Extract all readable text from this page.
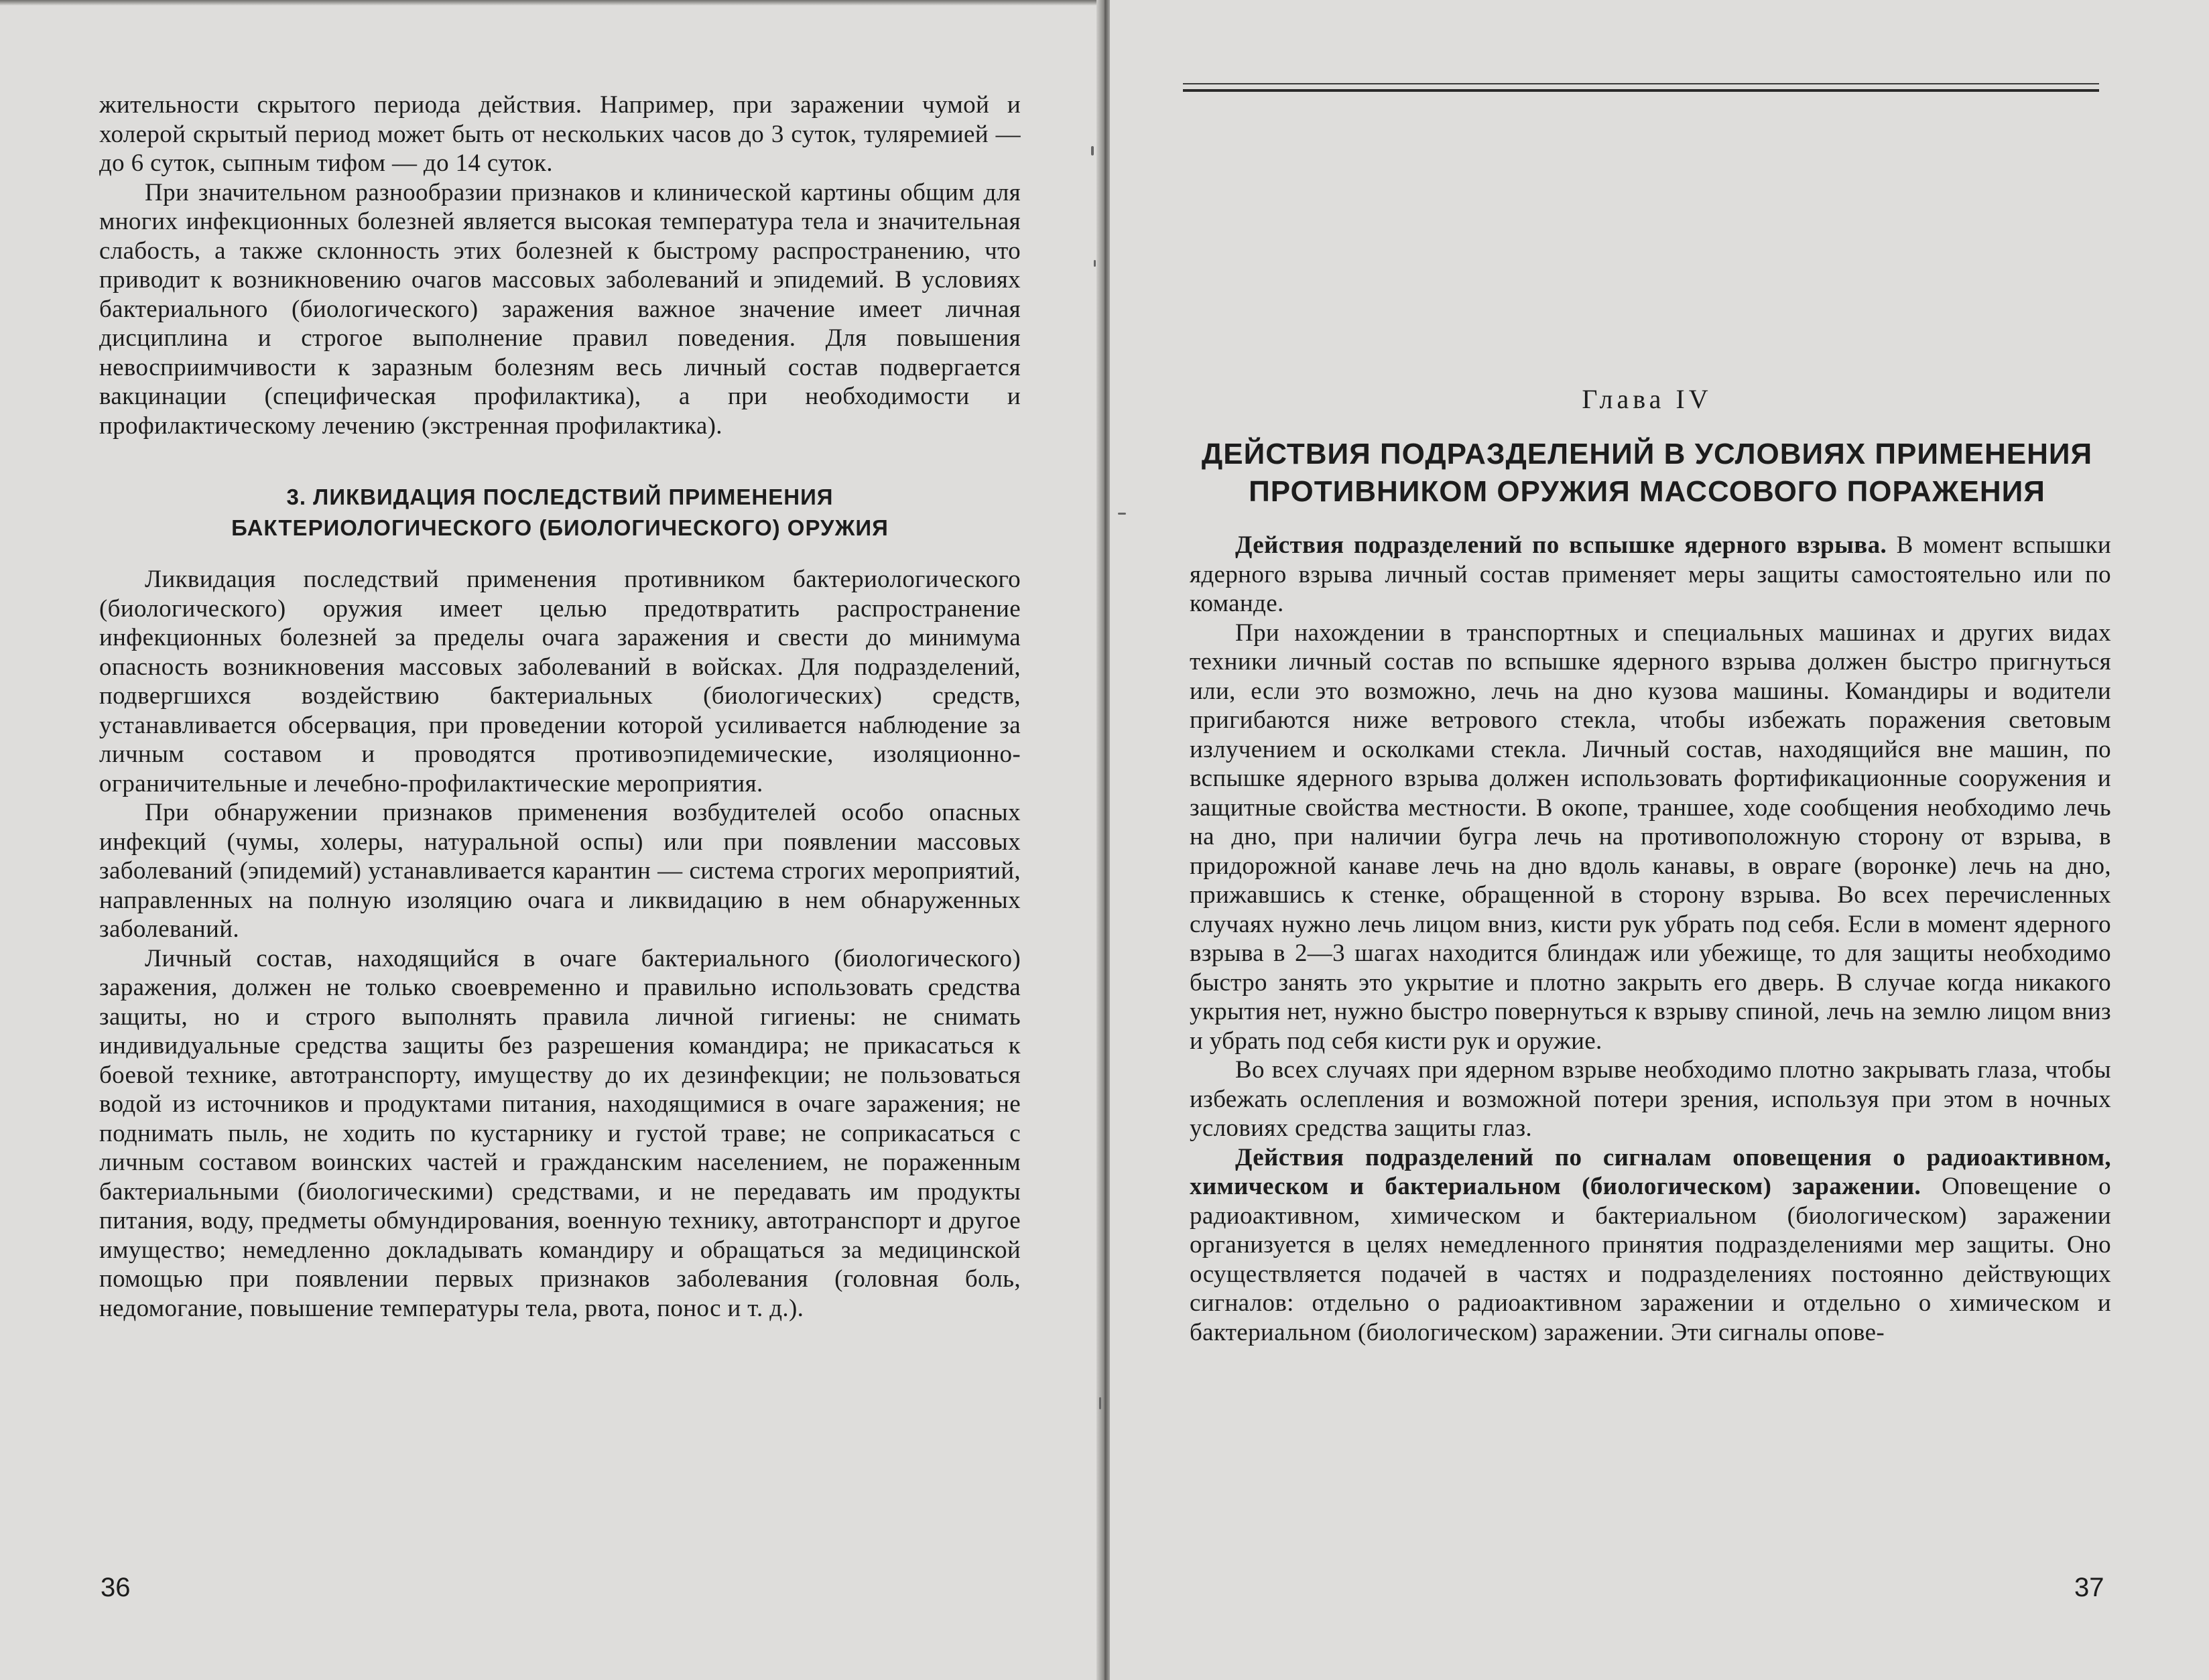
жительности скрытого периода действия. Например, при заражении чумой и холерой скрытый период может быть от нескольких часов до 3 суток, туляремией — до 6 суток, сыпным тифом — до 14 суток.

При значительном разнообразии признаков и клинической картины общим для многих инфекционных болезней является высокая температура тела и значительная слабость, а также склонность этих болезней к быстрому распространению, что приводит к возникновению очагов массовых заболеваний и эпидемий. В условиях бактериального (биологического) заражения важное значение имеет личная дисциплина и строгое выполнение правил поведения. Для повышения невосприимчивости к заразным болезням весь личный состав подвергается вакцинации (специфическая профилактика), а при необходимости и профилактическому лечению (экстренная профилактика).

3. ЛИКВИДАЦИЯ ПОСЛЕДСТВИЙ ПРИМЕНЕНИЯ
БАКТЕРИОЛОГИЧЕСКОГО (БИОЛОГИЧЕСКОГО) ОРУЖИЯ

Ликвидация последствий применения противником бактериологического (биологического) оружия имеет целью предотвратить распространение инфекционных болезней за пределы очага заражения и свести до минимума опасность возникновения массовых заболеваний в войсках. Для подразделений, подвергшихся воздействию бактериальных (биологических) средств, устанавливается обсервация, при проведении которой усиливается наблюдение за личным составом и проводятся противоэпидемические, изоляционно-ограничительные и лечебно-профилактические мероприятия.

При обнаружении признаков применения возбудителей особо опасных инфекций (чумы, холеры, натуральной оспы) или при появлении массовых заболеваний (эпидемий) устанавливается карантин — система строгих мероприятий, направленных на полную изоляцию очага и ликвидацию в нем обнаруженных заболеваний.

Личный состав, находящийся в очаге бактериального (биологического) заражения, должен не только своевременно и правильно использовать средства защиты, но и строго выполнять правила личной гигиены: не снимать индивидуальные средства защиты без разрешения командира; не прикасаться к боевой технике, автотранспорту, имуществу до их дезинфекции; не пользоваться водой из источников и продуктами питания, находящимися в очаге заражения; не поднимать пыль, не ходить по кустарнику и густой траве; не соприкасаться с личным составом воинских частей и гражданским населением, не пораженным бактериальными (биологическими) средствами, и не передавать им продукты питания, воду, предметы обмундирования, военную технику, автотранспорт и другое имущество; немедленно докладывать командиру и обращаться за медицинской помощью при появлении первых признаков заболевания (головная боль, недомогание, повышение температуры тела, рвота, понос и т. д.).

36
Глава IV
ДЕЙСТВИЯ ПОДРАЗДЕЛЕНИЙ В УСЛОВИЯХ ПРИМЕНЕНИЯ
ПРОТИВНИКОМ ОРУЖИЯ МАССОВОГО ПОРАЖЕНИЯ

Действия подразделений по вспышке ядерного взрыва. В момент вспышки ядерного взрыва личный состав применяет меры защиты самостоятельно или по команде.

При нахождении в транспортных и специальных машинах и других видах техники личный состав по вспышке ядерного взрыва должен быстро пригнуться или, если это возможно, лечь на дно кузова машины. Командиры и водители пригибаются ниже ветрового стекла, чтобы избежать поражения световым излучением и осколками стекла. Личный состав, находящийся вне машин, по вспышке ядерного взрыва должен использовать фортификационные сооружения и защитные свойства местности. В окопе, траншее, ходе сообщения необходимо лечь на дно, при наличии бугра лечь на противоположную сторону от взрыва, в придорожной канаве лечь на дно вдоль канавы, в овраге (воронке) лечь на дно, прижавшись к стенке, обращенной в сторону взрыва. Во всех перечисленных случаях нужно лечь лицом вниз, кисти рук убрать под себя. Если в момент ядерного взрыва в 2—3 шагах находится блиндаж или убежище, то для защиты необходимо быстро занять это укрытие и плотно закрыть его дверь. В случае когда никакого укрытия нет, нужно быстро повернуться к взрыву спиной, лечь на землю лицом вниз и убрать под себя кисти рук и оружие.

Во всех случаях при ядерном взрыве необходимо плотно закрывать глаза, чтобы избежать ослепления и возможной потери зрения, используя при этом в ночных условиях средства защиты глаз.

Действия подразделений по сигналам оповещения о радиоактивном, химическом и бактериальном (биологическом) заражении. Оповещение о радиоактивном, химическом и бактериальном (биологическом) заражении организуется в целях немедленного принятия подразделениями мер защиты. Оно осуществляется подачей в частях и подразделениях постоянно действующих сигналов: отдельно о радиоактивном заражении и отдельно о химическом и бактериальном (биологическом) заражении. Эти сигналы опове-

37
